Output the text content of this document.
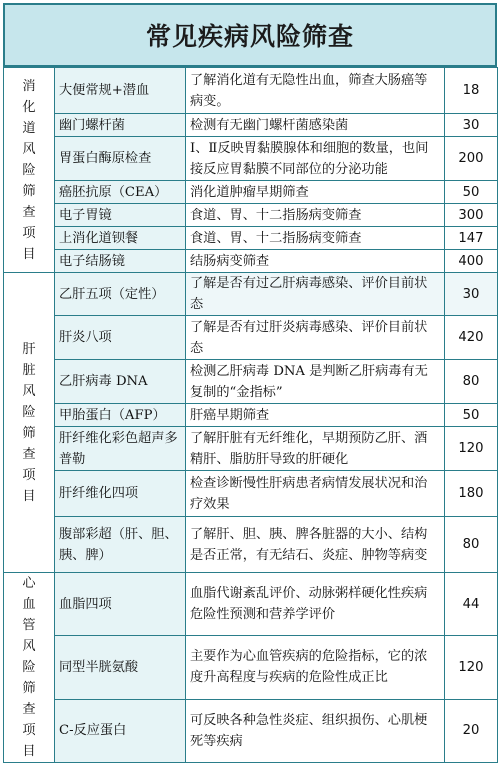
常见疾病风险筛查
消化道风险筛查项目	大便常规+潜血	了解消化道有无隐性出血，筛查大肠癌等病变。	18
	幽门螺杆菌	检测有无幽门螺杆菌感染菌	30
	胃蛋白酶原检查	Ⅰ、Ⅱ反映胃黏膜腺体和细胞的数量，也间接反应胃黏膜不同部位的分泌功能	200
	癌胚抗原（CEA）	消化道肿瘤早期筛查	50
	电子胃镜	食道、胃、十二指肠病变筛查	300
	上消化道钡餐	食道、胃、十二指肠病变筛查	147
	电子结肠镜	结肠病变筛查	400

肝脏风险筛查项目	乙肝五项（定性）	了解是否有过乙肝病毒感染、评价目前状态	30
	肝炎八项	了解是否有过肝炎病毒感染、评价目前状态	420
	乙肝病毒 DNA	检测乙肝病毒 DNA 是判断乙肝病毒有无复制的“金指标”	80
	甲胎蛋白（AFP）	肝癌早期筛查	50
	肝纤维化彩色超声多普勒	了解肝脏有无纤维化，早期预防乙肝、酒精肝、脂肪肝导致的肝硬化	120
	肝纤维化四项	检查诊断慢性肝病患者病情发展状况和治疗效果	180
	腹部彩超（肝、胆、胰、脾）	了解肝、胆、胰、脾各脏器的大小、结构是否正常，有无结石、炎症、肿物等病变	80

心血管风险筛查项目	血脂四项	血脂代谢紊乱评价、动脉粥样硬化性疾病危险性预测和营养学评价	44
	同型半胱氨酸	主要作为心血管疾病的危险指标，它的浓度升高程度与疾病的危险性成正比	120
	C-反应蛋白	可反映各种急性炎症、组织损伤、心肌梗死等疾病	20
